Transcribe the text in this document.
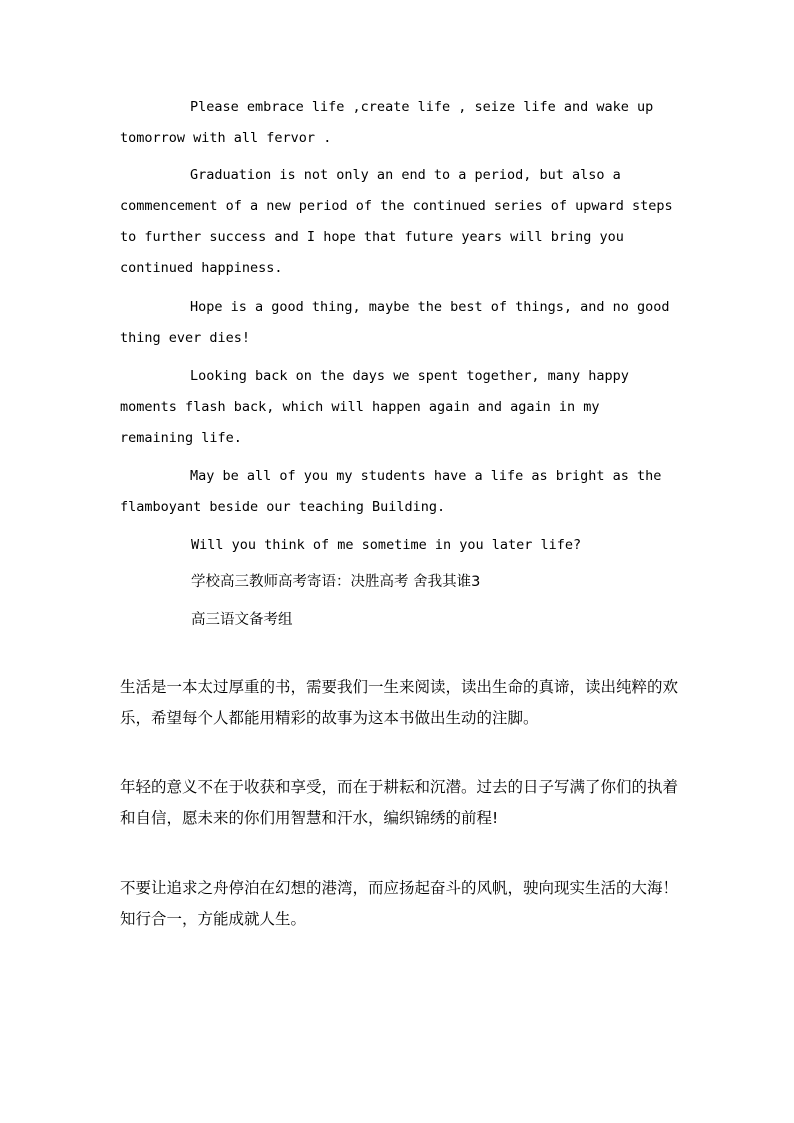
Please embrace life ,create life , seize life and wake up tomorrow with all fervor .

Graduation is not only an end to a period, but also a commencement of a new period of the continued series of upward steps to further success and I hope that future years will bring you continued happiness.

Hope is a good thing, maybe the best of things, and no good thing ever dies!

Looking back on the days we spent together, many happy moments flash back, which will happen again and again in my remaining life.

May be all of you my students have a life as bright as the flamboyant beside our teaching Building.

Will you think of me sometime in you later life?

学校高三教师高考寄语：决胜高考 舍我其谁3

高三语文备考组

生活是一本太过厚重的书，需要我们一生来阅读，读出生命的真谛，读出纯粹的欢乐，希望每个人都能用精彩的故事为这本书做出生动的注脚。

年轻的意义不在于收获和享受，而在于耕耘和沉潜。过去的日子写满了你们的执着和自信，愿未来的你们用智慧和汗水，编织锦绣的前程!

不要让追求之舟停泊在幻想的港湾，而应扬起奋斗的风帆，驶向现实生活的大海！知行合一，方能成就人生。
